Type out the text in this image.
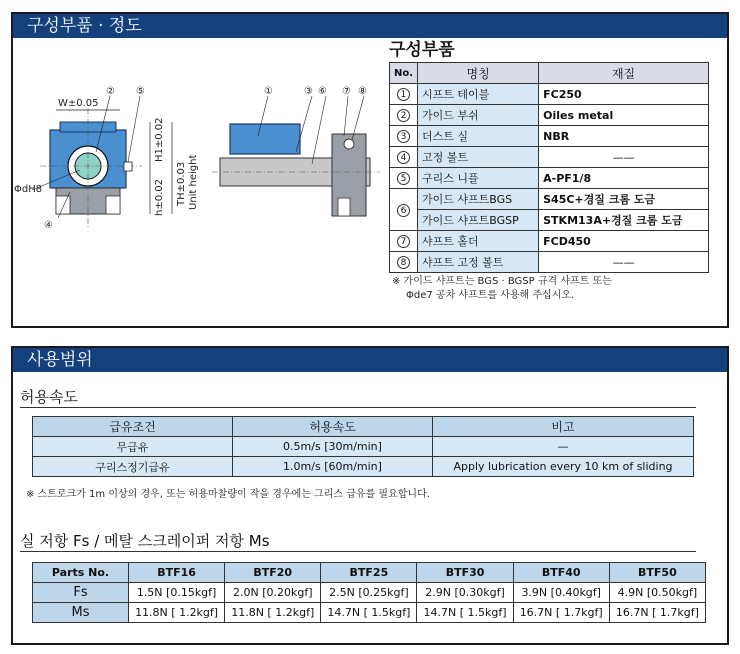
구성부품 · 정도
W±0.05
② ⑤
④
ΦdH8
H1±0.02
h±0.02 TH±0.03 Unit height
①	③ ⑥ ⑦ ⑧
구성부품
No.	명칭	재질
1	시프트 테이블	FC250
2	가이드 부쉬	Oiles metal
3	더스트 실	NBR
4	고정 볼트	——
5	구리스 니플	A-PF1/8
6	가이드 샤프트BGS	S45C+경질 크롬 도금
	가이드 샤프트BGSP	STKM13A+경질 크롬 도금
7	샤프트 홀더	FCD450
8	샤프트 고정 볼트	——
※ 가이드 샤프트는 BGS · BGSP 규격 샤프트 또는
Φde7 공차 샤프트를 사용해 주십시오.
사용범위
허용속도
급유조건	허용속도	비고
무급유	0.5m/s [30m/min]	—
구리스정기급유	1.0m/s [60m/min]	Apply lubrication every 10 km of sliding
※ 스트로크가 1m 이상의 경우, 또는 허용마찰량이 작을 경우에는 그리스 급유를 필요합니다.
실 저항 Fs / 메탈 스크레이퍼 저항 Ms
Parts No.	BTF16	BTF20	BTF25	BTF30	BTF40	BTF50
Fs	1.5N [0.15kgf]	2.0N [0.20kgf]	2.5N [0.25kgf]	2.9N [0.30kgf]	3.9N [0.40kgf]	4.9N [0.50kgf]
Ms	11.8N [ 1.2kgf]	11.8N [ 1.2kgf]	14.7N [ 1.5kgf]	14.7N [ 1.5kgf]	16.7N [ 1.7kgf]	16.7N [ 1.7kgf]
